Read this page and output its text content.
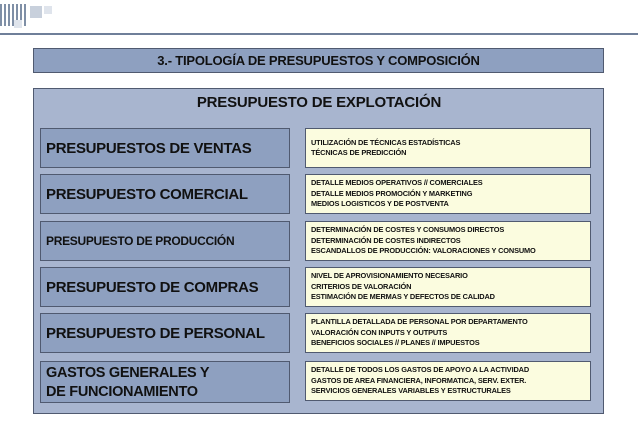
3.- TIPOLOGÍA DE PRESUPUESTOS Y COMPOSICIÓN
PRESUPUESTO DE EXPLOTACIÓN
PRESUPUESTOS DE VENTAS	UTILIZACIÓN DE TÉCNICAS ESTADÍSTICAS
TÉCNICAS DE PREDICCIÓN
PRESUPUESTO COMERCIAL
DETALLE MEDIOS OPERATIVOS // COMERCIALES
DETALLE MEDIOS PROMOCIÓN Y MARKETING
MEDIOS LOGISTICOS Y DE POSTVENTA
PRESUPUESTO DE PRODUCCIÓN
DETERMINACIÓN DE COSTES Y CONSUMOS DIRECTOS
DETERMINACIÓN DE COSTES INDIRECTOS
ESCANDALLOS DE PRODUCCIÓN: VALORACIONES Y CONSUMO
PRESUPUESTO DE COMPRAS
NIVEL DE APROVISIONAMIENTO NECESARIO
CRITERIOS DE VALORACIÓN
ESTIMACIÓN DE MERMAS Y DEFECTOS DE CALIDAD
PRESUPUESTO DE PERSONAL
PLANTILLA DETALLADA DE PERSONAL POR DEPARTAMENTO
VALORACIÓN CON INPUTS Y OUTPUTS
BENEFICIOS SOCIALES // PLANES // IMPUESTOS
GASTOS GENERALES Y
DE FUNCIONAMIENTO
DETALLE DE TODOS LOS GASTOS DE APOYO A LA ACTIVIDAD
GASTOS DE AREA FINANCIERA, INFORMATICA, SERV. EXTER.
SERVICIOS GENERALES VARIABLES Y ESTRUCTURALES
